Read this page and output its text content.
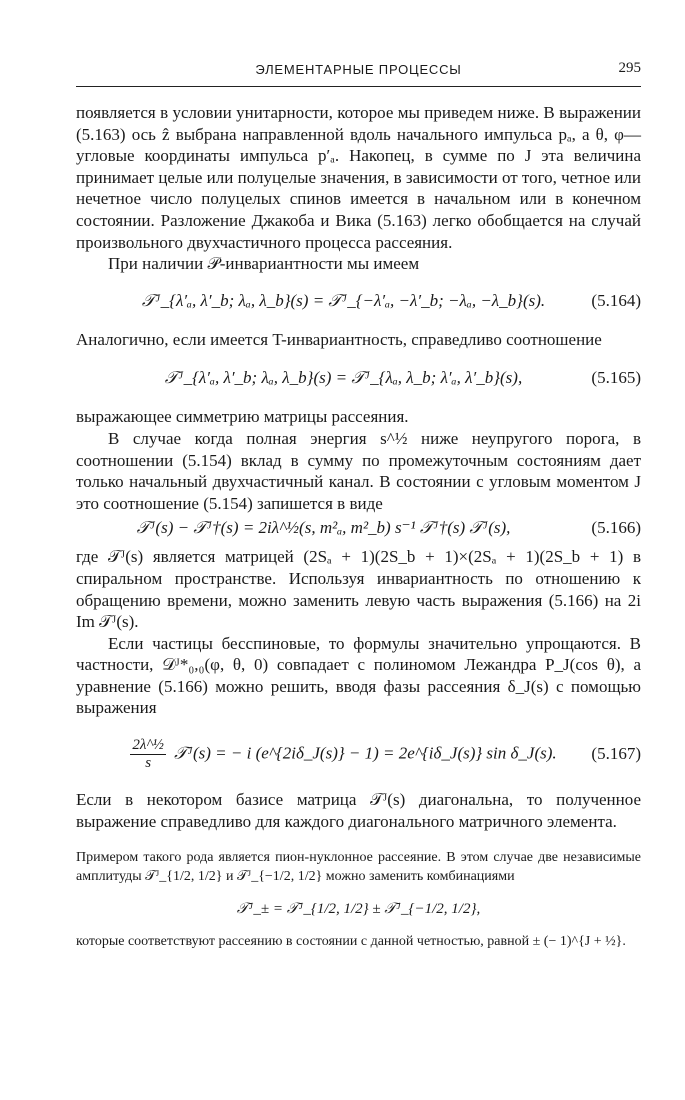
ЭЛЕМЕНТАРНЫЕ ПРОЦЕССЫ	295

появляется в условии унитарности, которое мы приведем ниже. В выражении (5.163) ось ẑ выбрана направленной вдоль начального импульса pₐ, а θ, φ—угловые координаты импульса p′ₐ. Накопец, в сумме по J эта величина принимает целые или полуцелые значения, в зависимости от того, четное или нечетное число полуцелых спинов имеется в начальном или в конечном состоянии. Разложение Джакоба и Вика (5.163) легко обобщается на случай произвольного двухчастичного процесса рассеяния.

При наличии 𝒫-инвариантности мы имеем

𝒯ᴶ_{λ′ₐ, λ′_b; λₐ, λ_b}(s) = 𝒯ᴶ_{−λ′ₐ, −λ′_b; −λₐ, −λ_b}(s).	(5.164)

Аналогично, если имеется T-инвариантность, справедливо соотношение

𝒯ᴶ_{λ′ₐ, λ′_b; λₐ, λ_b}(s) = 𝒯ᴶ_{λₐ, λ_b; λ′ₐ, λ′_b}(s),	(5.165)

выражающее симметрию матрицы рассеяния.

В случае когда полная энергия s^½ ниже неупругого порога, в соотношении (5.154) вклад в сумму по промежуточным состояниям дает только начальный двухчастичный канал. В состоянии с угловым моментом J это соотношение (5.154) запишется в виде

𝒯ᴶ(s) − 𝒯ᴶ†(s) = 2iλ^½(s, m²ₐ, m²_b) s⁻¹ 𝒯ᴶ†(s) 𝒯ᴶ(s),	(5.166)

где 𝒯ᴶ(s) является матрицей (2Sₐ + 1)(2S_b + 1)×(2Sₐ + 1)(2S_b + 1) в спиральном пространстве. Используя инвариантность по отношению к обращению времени, можно заменить левую часть выражения (5.166) на 2i Im 𝒯ᴶ(s).

Если частицы бесспиновые, то формулы значительно упрощаются. В частности, 𝒟ᴶ*₀,₀(φ, θ, 0) совпадает с полиномом Лежандра P_J(cos θ), а уравнение (5.166) можно решить, вводя фазы рассеяния δ_J(s) с помощью выражения

$\frac{\text{2λ\textasciicircum{}½}}{s}$ 𝒯ᴶ(s) = − i (e^{2iδ_J(s)} − 1) = 2e^{iδ_J(s)} sin δ_J(s).	(5.167)

Если в некотором базисе матрица 𝒯ᴶ(s) диагональна, то полученное выражение справедливо для каждого диагонального матричного элемента.

Примером такого рода является пион-нуклонное рассеяние. В этом случае две независимые амплитуды 𝒯ᴶ_{1/2, 1/2} и 𝒯ᴶ_{−1/2, 1/2} можно заменить комбинациями

𝒯ᴶ_± = 𝒯ᴶ_{1/2, 1/2} ± 𝒯ᴶ_{−1/2, 1/2},

которые соответствуют рассеянию в состоянии с данной четностью, равной ± (− 1)^{J + ½}.
